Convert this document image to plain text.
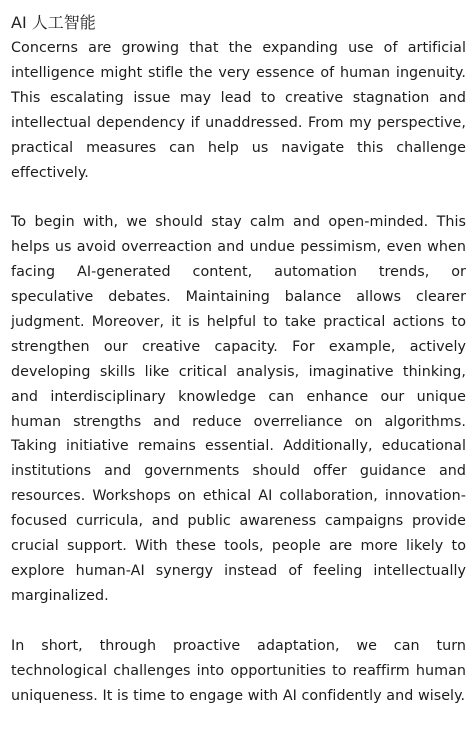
AI 人工智能

Concerns are growing that the expanding use of artificial intelligence might stifle the very essence of human ingenuity. This escalating issue may lead to creative stagnation and intellectual dependency if unaddressed. From my perspective, practical measures can help us navigate this challenge effectively.

To begin with, we should stay calm and open-minded. This helps us avoid overreaction and undue pessimism, even when facing AI-generated content, automation trends, or speculative debates. Maintaining balance allows clearer judgment. Moreover, it is helpful to take practical actions to strengthen our creative capacity. For example, actively developing skills like critical analysis, imaginative thinking, and interdisciplinary knowledge can enhance our unique human strengths and reduce overreliance on algorithms. Taking initiative remains essential. Additionally, educational institutions and governments should offer guidance and resources. Workshops on ethical AI collaboration, innovation-focused curricula, and public awareness campaigns provide crucial support. With these tools, people are more likely to explore human-AI synergy instead of feeling intellectually marginalized.

In short, through proactive adaptation, we can turn technological challenges into opportunities to reaffirm human uniqueness. It is time to engage with AI confidently and wisely.
